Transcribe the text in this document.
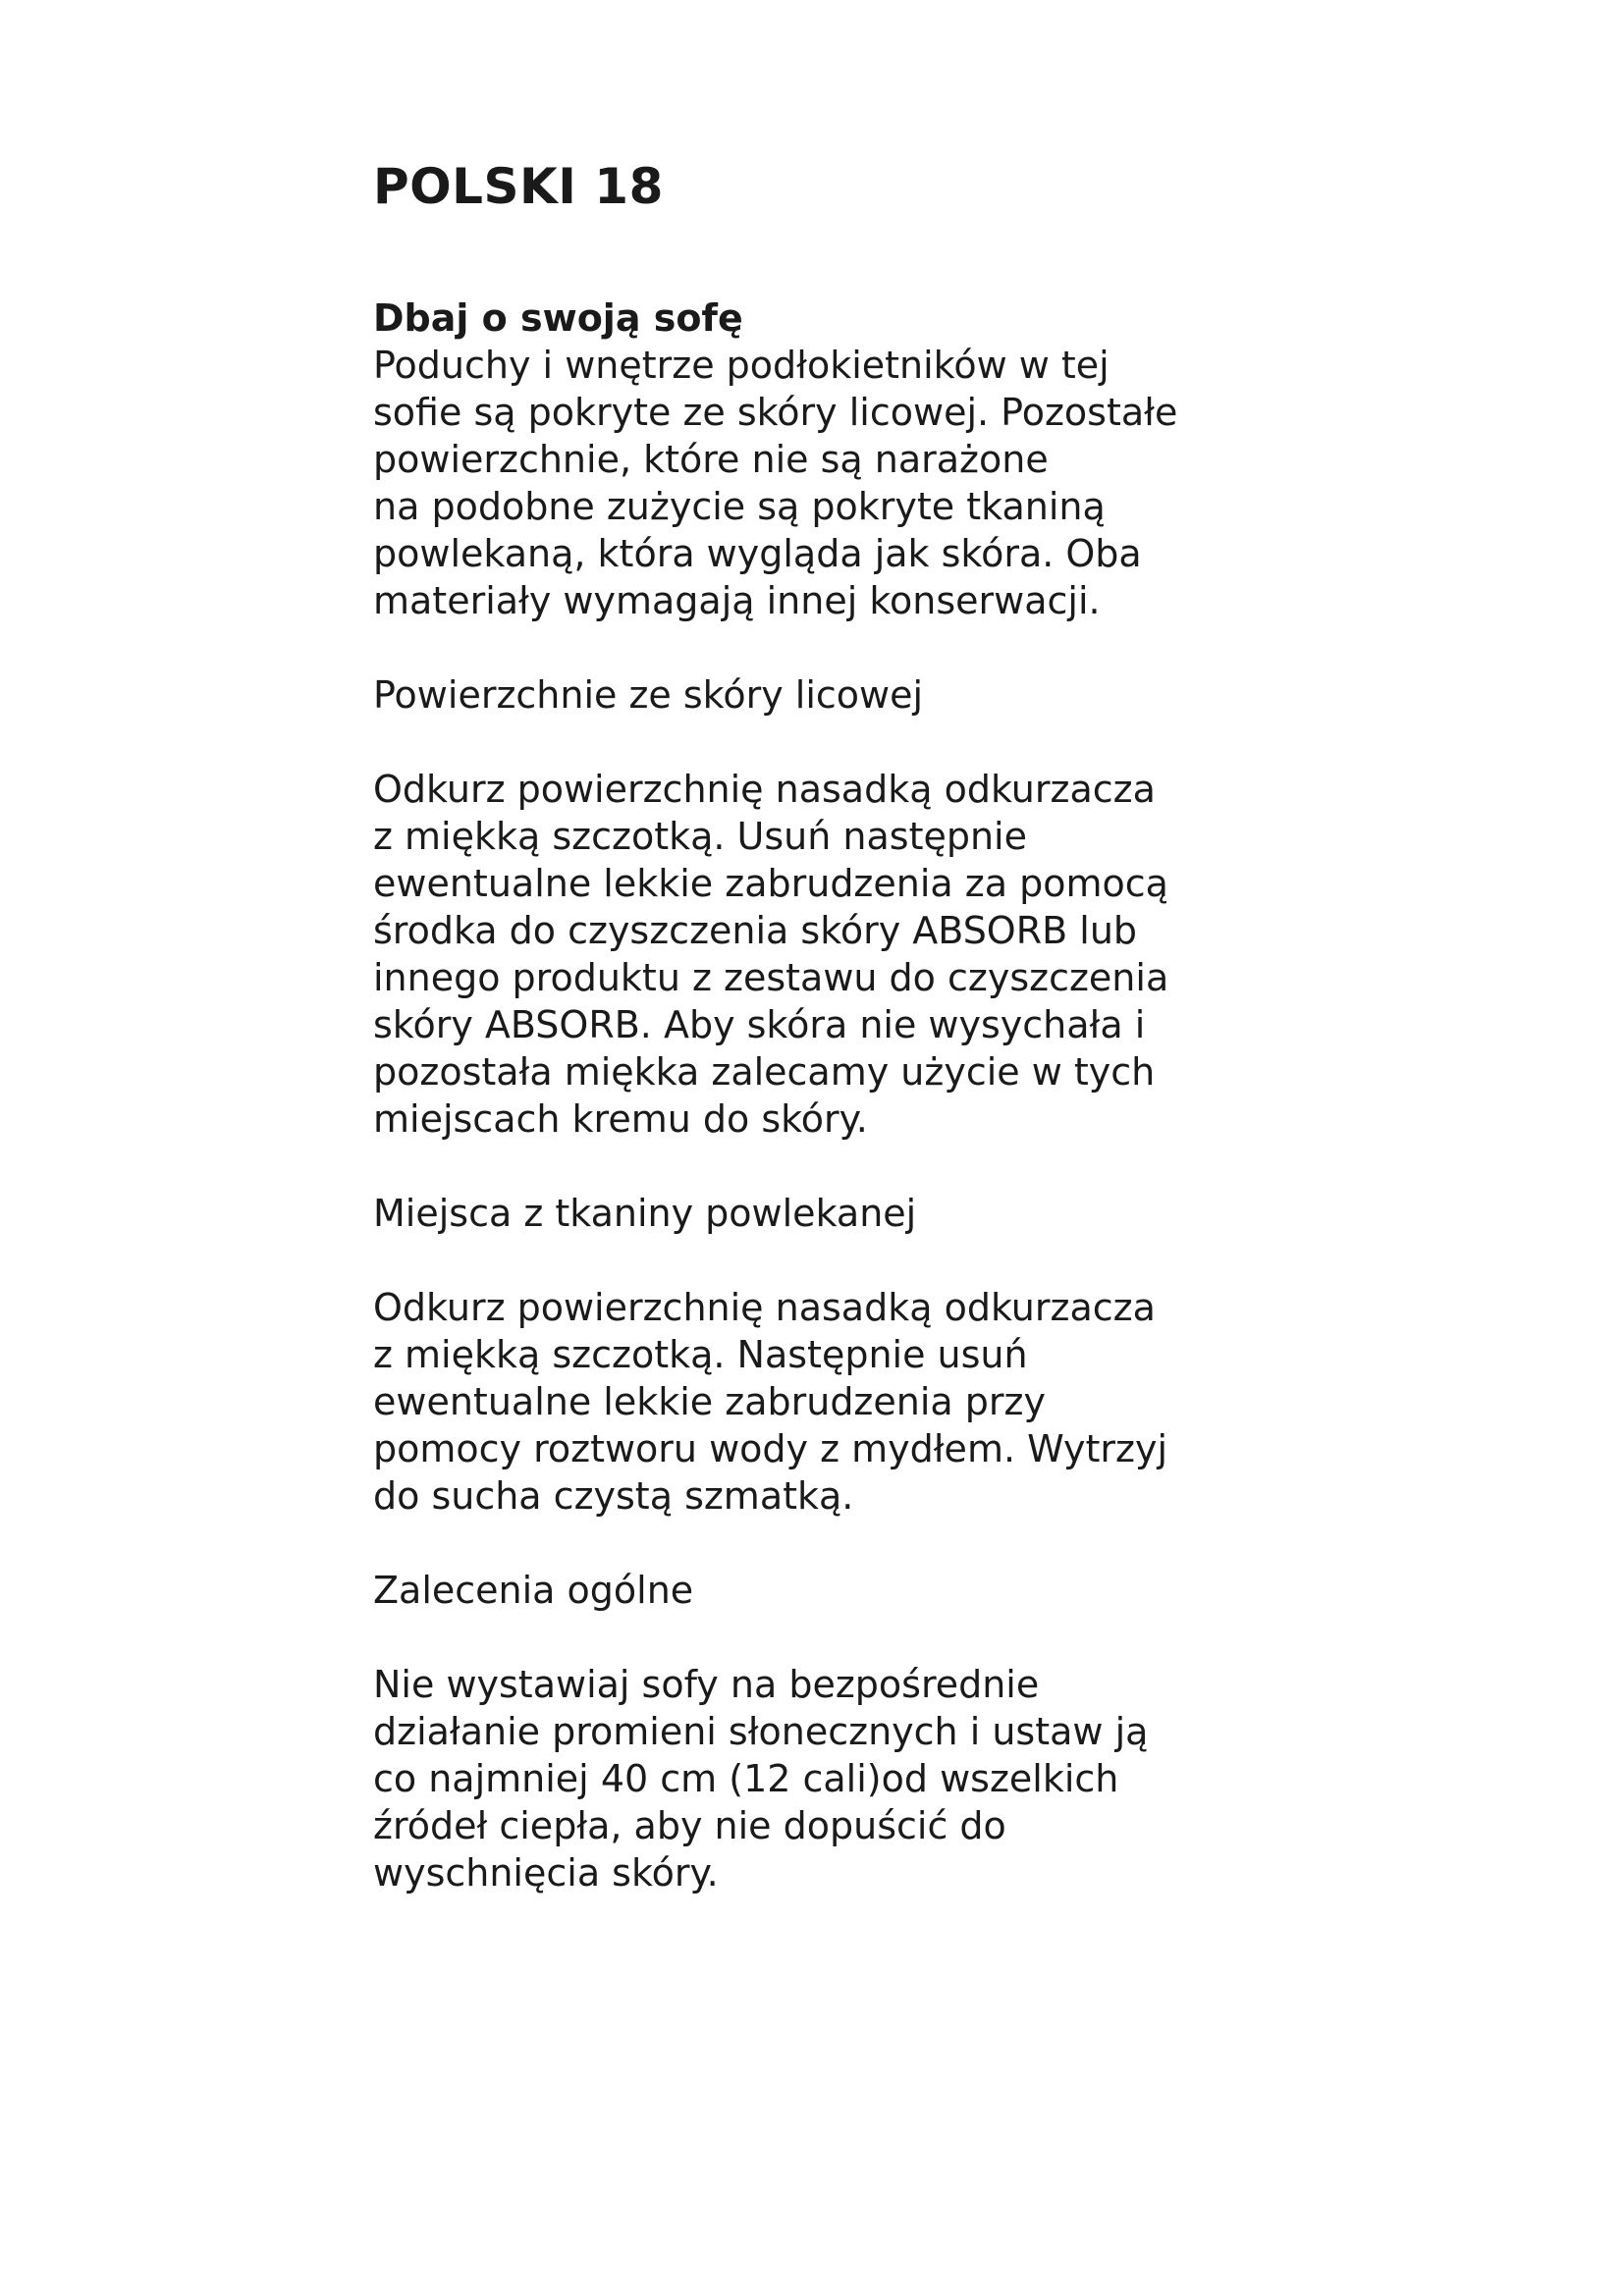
POLSKI 18
Dbaj o swoją sofę
Poduchy i wnętrze podłokietników w tej
sofie są pokryte ze skóry licowej. Pozostałe
powierzchnie, które nie są narażone
na podobne zużycie są pokryte tkaniną
powlekaną, która wygląda jak skóra. Oba
materiały wymagają innej konserwacji.
Powierzchnie ze skóry licowej
Odkurz powierzchnię nasadką odkurzacza
z miękką szczotką. Usuń następnie
ewentualne lekkie zabrudzenia za pomocą
środka do czyszczenia skóry ABSORB lub
innego produktu z zestawu do czyszczenia
skóry ABSORB. Aby skóra nie wysychała i
pozostała miękka zalecamy użycie w tych
miejscach kremu do skóry.
Miejsca z tkaniny powlekanej
Odkurz powierzchnię nasadką odkurzacza
z miękką szczotką. Następnie usuń
ewentualne lekkie zabrudzenia przy
pomocy roztworu wody z mydłem. Wytrzyj
do sucha czystą szmatką.
Zalecenia ogólne
Nie wystawiaj sofy na bezpośrednie
działanie promieni słonecznych i ustaw ją
co najmniej 40 cm (12 cali)od wszelkich
źródeł ciepła, aby nie dopuścić do
wyschnięcia skóry.
